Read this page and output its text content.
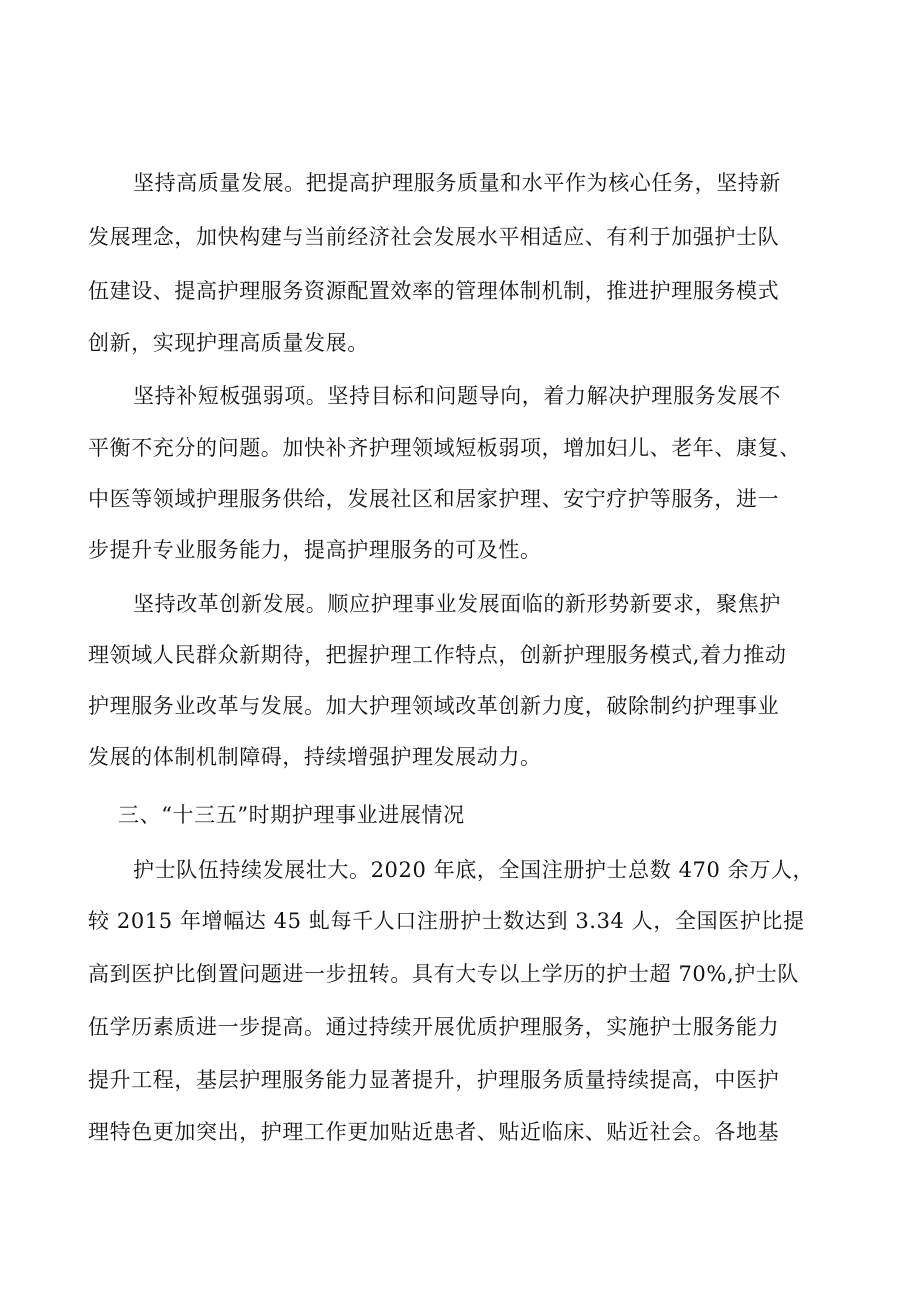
坚持高质量发展。把提高护理服务质量和水平作为核心任务，坚持新
发展理念，加快构建与当前经济社会发展水平相适应、有利于加强护士队
伍建设、提高护理服务资源配置效率的管理体制机制，推进护理服务模式
创新，实现护理高质量发展。
坚持补短板强弱项。坚持目标和问题导向，着力解决护理服务发展不
平衡不充分的问题。加快补齐护理领域短板弱项，增加妇儿、老年、康复、
中医等领域护理服务供给，发展社区和居家护理、安宁疗护等服务，进一
步提升专业服务能力，提高护理服务的可及性。
坚持改革创新发展。顺应护理事业发展面临的新形势新要求，聚焦护
理领域人民群众新期待，把握护理工作特点，创新护理服务模式,着力推动
护理服务业改革与发展。加大护理领域改革创新力度，破除制约护理事业
发展的体制机制障碍，持续增强护理发展动力。
三、“十三五”时期护理事业进展情况
护士队伍持续发展壮大。2020 年底，全国注册护士总数 470 余万人，
较 2015 年增幅达 45 虬每千人口注册护士数达到 3.34 人，全国医护比提
高到医护比倒置问题进一步扭转。具有大专以上学历的护士超 70%,护士队
伍学历素质进一步提高。通过持续开展优质护理服务，实施护士服务能力
提升工程，基层护理服务能力显著提升，护理服务质量持续提高，中医护
理特色更加突出，护理工作更加贴近患者、贴近临床、贴近社会。各地基
